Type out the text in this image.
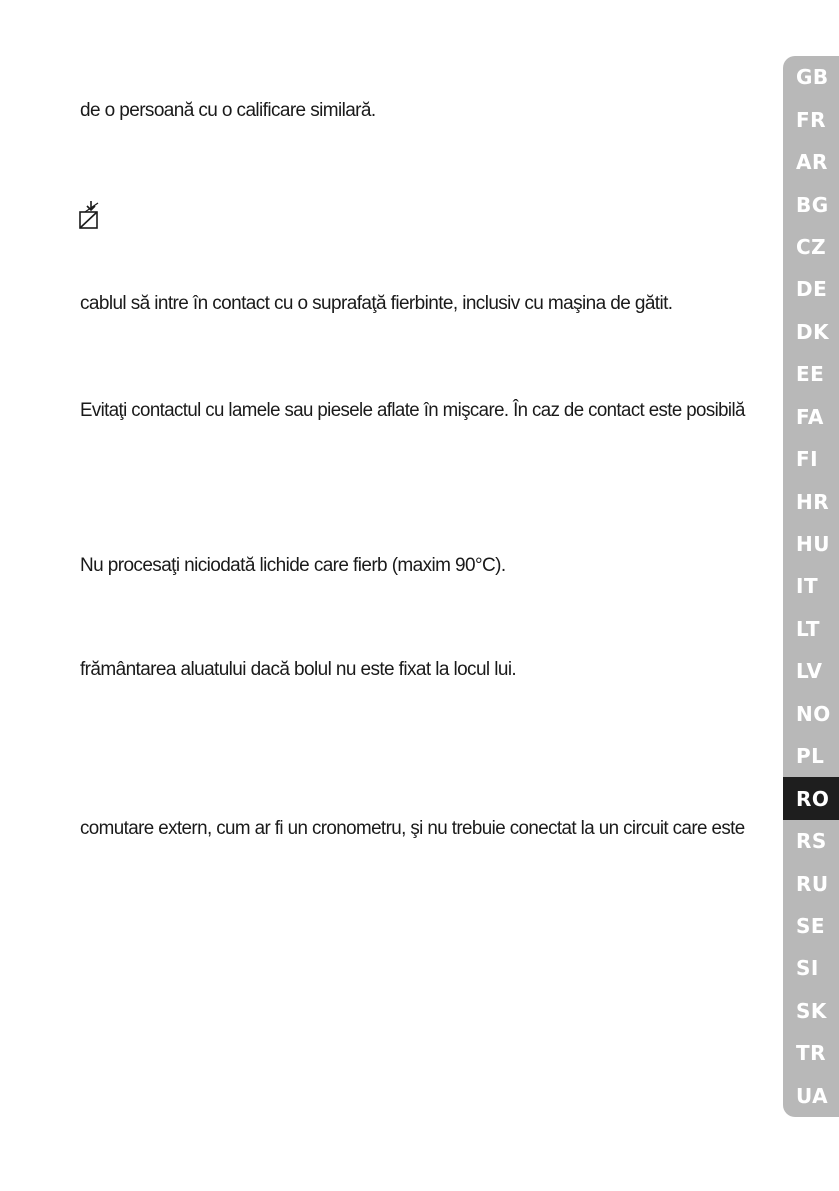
de o persoană cu o calificare similară.
cablul să intre în contact cu o suprafaţă fierbinte, inclusiv cu maşina de gătit.
Evitaţi contactul cu lamele sau piesele aflate în mişcare. În caz de contact este posibilă
Nu procesaţi niciodată lichide care fierb (maxim 90°C).
frământarea aluatului dacă bolul nu este fixat la locul lui.
comutare extern, cum ar fi un cronometru, şi nu trebuie conectat la un circuit care este
GB
FR
AR
BG
CZ
DE
DK
EE
FA
FI
HR
HU
IT
LT
LV
NO
PL
RO
RS
RU
SE
SI
SK
TR
UA
